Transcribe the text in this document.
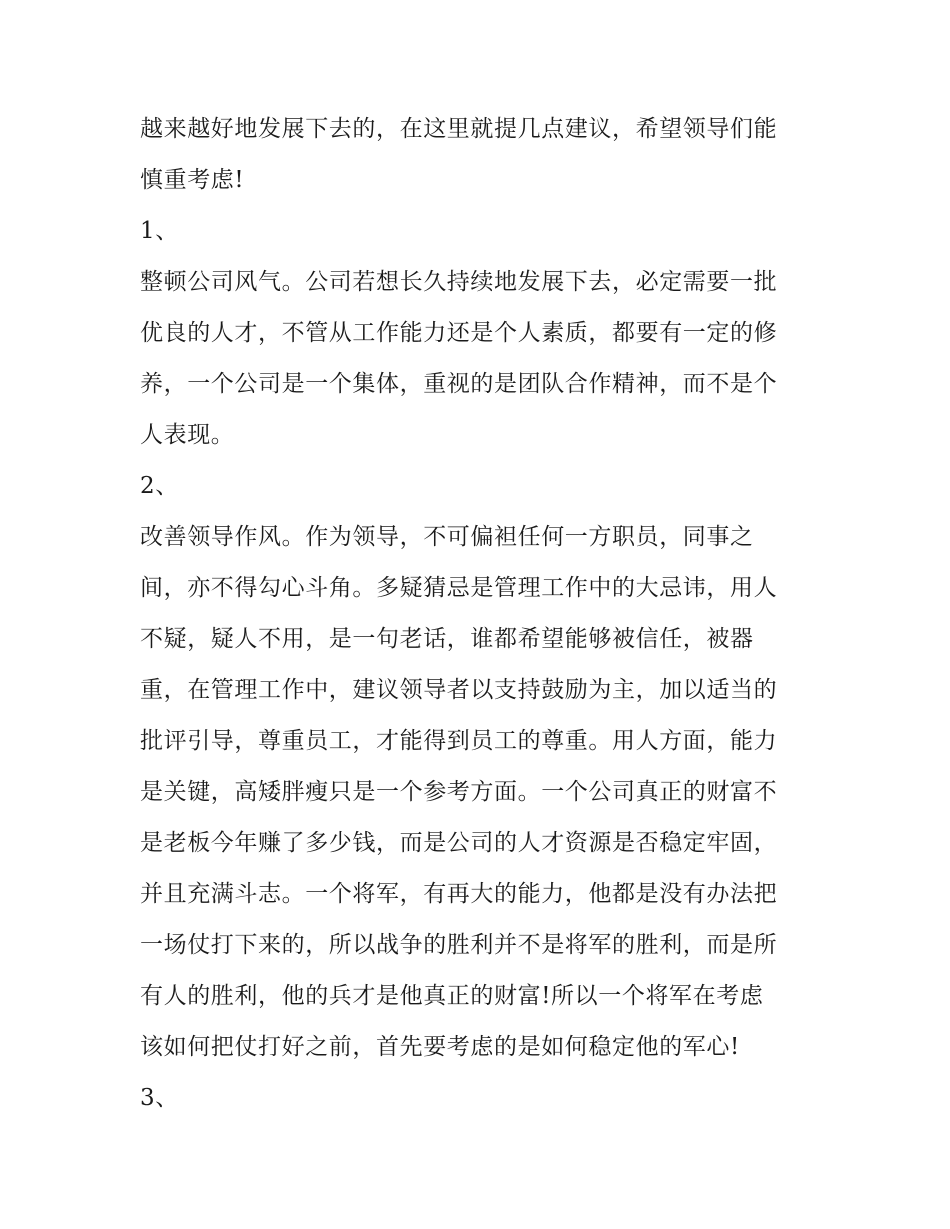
越来越好地发展下去的，在这里就提几点建议，希望领导们能
慎重考虑!
1、
整顿公司风气。公司若想长久持续地发展下去，必定需要一批
优良的人才，不管从工作能力还是个人素质，都要有一定的修
养，一个公司是一个集体，重视的是团队合作精神，而不是个
人表现。
2、
改善领导作风。作为领导，不可偏袒任何一方职员，同事之
间，亦不得勾心斗角。多疑猜忌是管理工作中的大忌讳，用人
不疑，疑人不用，是一句老话，谁都希望能够被信任，被器
重，在管理工作中，建议领导者以支持鼓励为主，加以适当的
批评引导，尊重员工，才能得到员工的尊重。用人方面，能力
是关键，高矮胖瘦只是一个参考方面。一个公司真正的财富不
是老板今年赚了多少钱，而是公司的人才资源是否稳定牢固，
并且充满斗志。一个将军，有再大的能力，他都是没有办法把
一场仗打下来的，所以战争的胜利并不是将军的胜利，而是所
有人的胜利，他的兵才是他真正的财富!所以一个将军在考虑
该如何把仗打好之前，首先要考虑的是如何稳定他的军心!
3、
